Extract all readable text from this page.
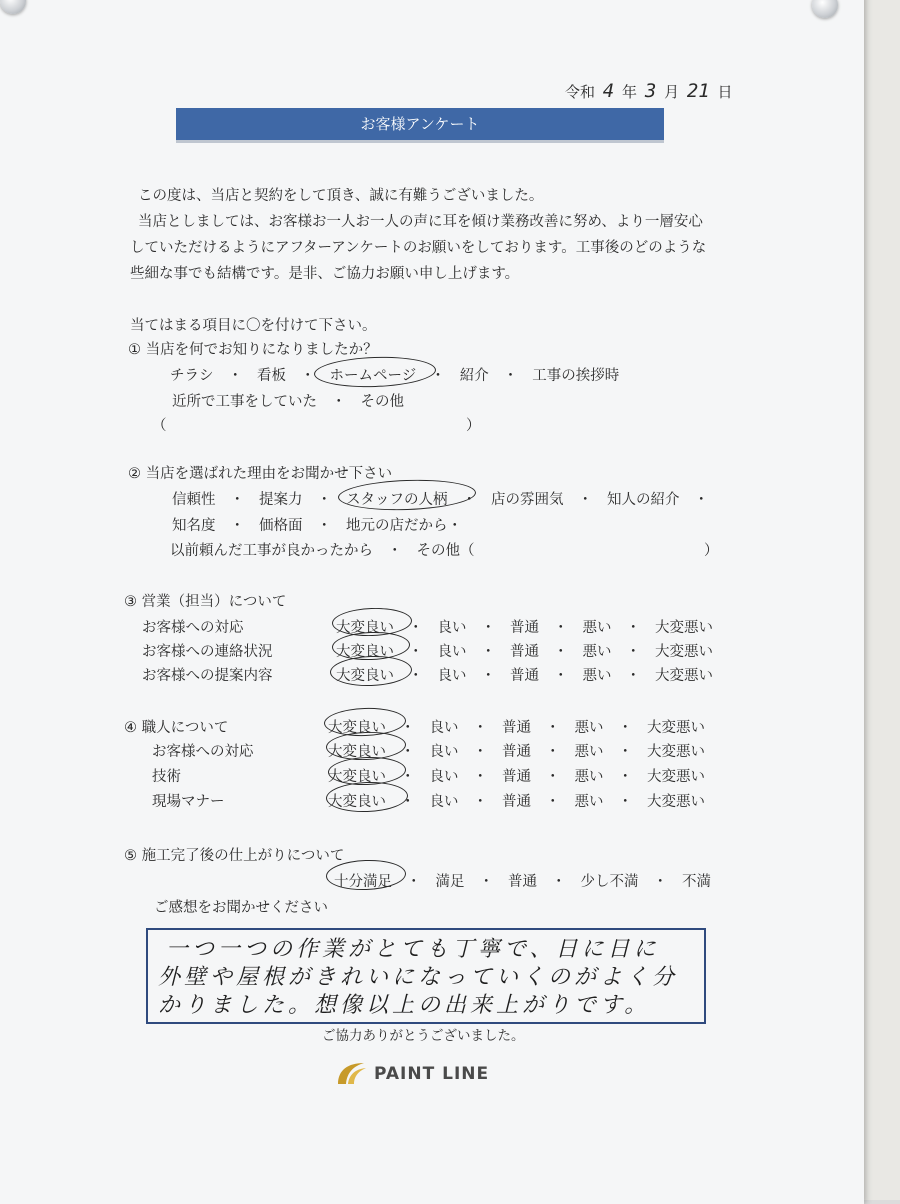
令和 4 年 3 月 21 日
お客様アンケート
この度は、当店と契約をして頂き、誠に有難うございました。
当店としましては、お客様お一人お一人の声に耳を傾け業務改善に努め、より一層安心
していただけるようにアフターアンケートのお願いをしております。工事後のどのような
些細な事でも結構です。是非、ご協力お願い申し上げます。
当てはまる項目に〇を付けて下さい。
① 当店を何でお知りになりましたか？
チラシ　・　看板　・　ホームページ　・　紹介　・　工事の挨拶時
近所で工事をしていた　・　その他
（	）
② 当店を選ばれた理由をお聞かせ下さい
信頼性　・　提案力　・　スタッフの人柄　・　店の雰囲気　・　知人の紹介　・
知名度　・　価格面　・　地元の店だから・
以前頼んだ工事が良かったから　・　その他（	）
③ 営業（担当）について
お客様への対応	大変良い　・　良い　・　普通　・　悪い　・　大変悪い
お客様への連絡状況	大変良い　・　良い　・　普通　・　悪い　・　大変悪い
お客様への提案内容	大変良い　・　良い　・　普通　・　悪い　・　大変悪い
④ 職人について	大変良い　・　良い　・　普通　・　悪い　・　大変悪い
お客様への対応	大変良い　・　良い　・　普通　・　悪い　・　大変悪い
技術	大変良い　・　良い　・　普通　・　悪い　・　大変悪い
現場マナー	大変良い　・　良い　・　普通　・　悪い　・　大変悪い
⑤ 施工完了後の仕上がりについて
十分満足　・　満足　・　普通　・　少し不満　・　不満
ご感想をお聞かせください
一つ一つの作業がとても丁寧で、日に日に
外壁や屋根がきれいになっていくのがよく分
かりました。想像以上の出来上がりです。
ご協力ありがとうございました。
PAINT LINE
